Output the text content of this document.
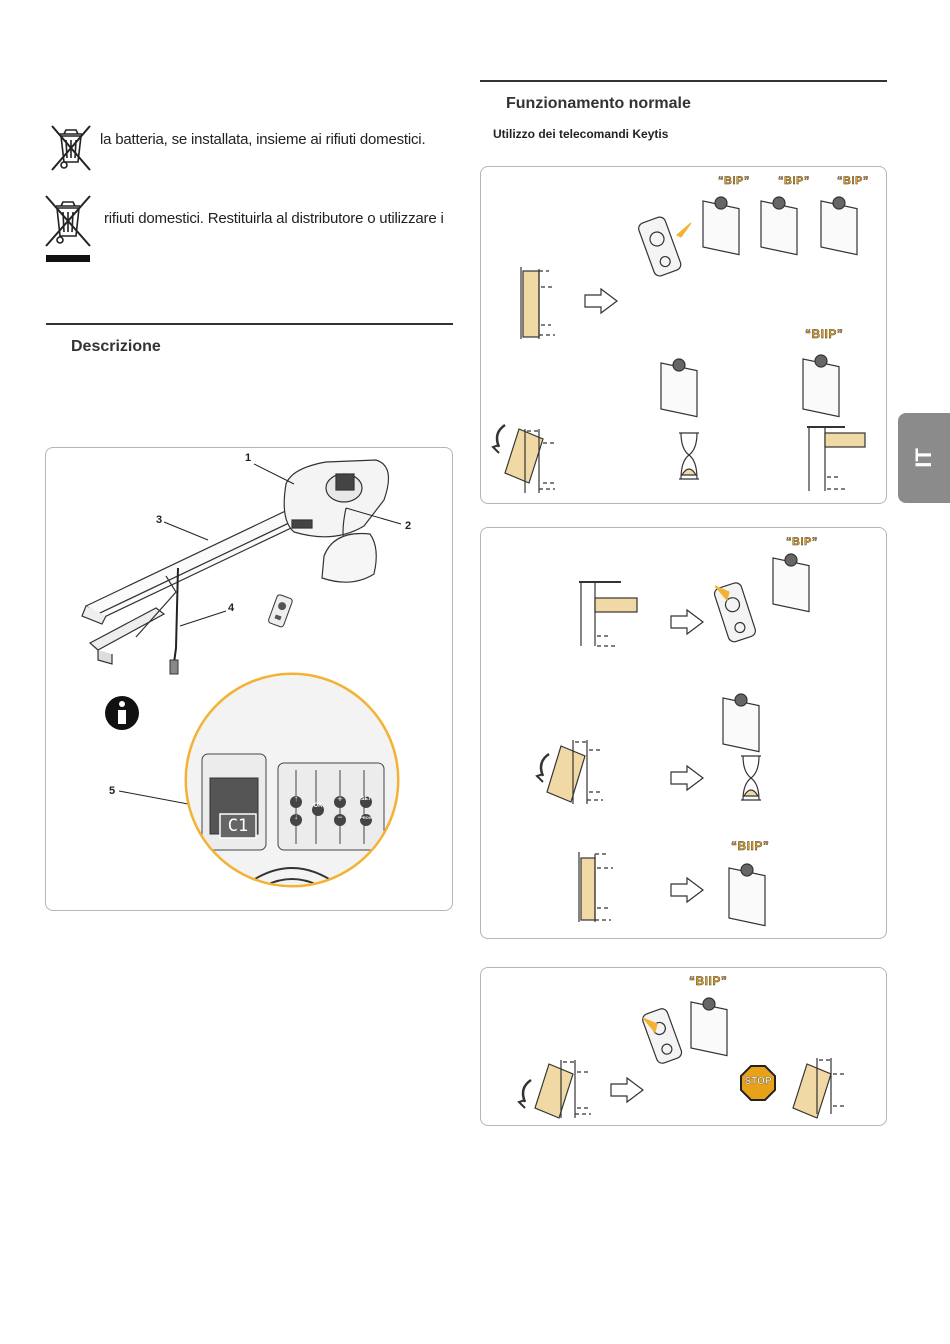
la batteria, se installata, insieme ai rifiuti domestici.
rifiuti domestici. Restituirla al distributore o utilizzare i
Descrizione
1
2
3
4
5
C1
↑
↓
OK
+
−
SET
PROG
Funzionamento normale
Utilizzo dei telecomandi Keytis
“BIP”	“BIP” “BIP”
“BIIP”
“BIP”
“BIIP”
“BIIP”
STOP
IT
